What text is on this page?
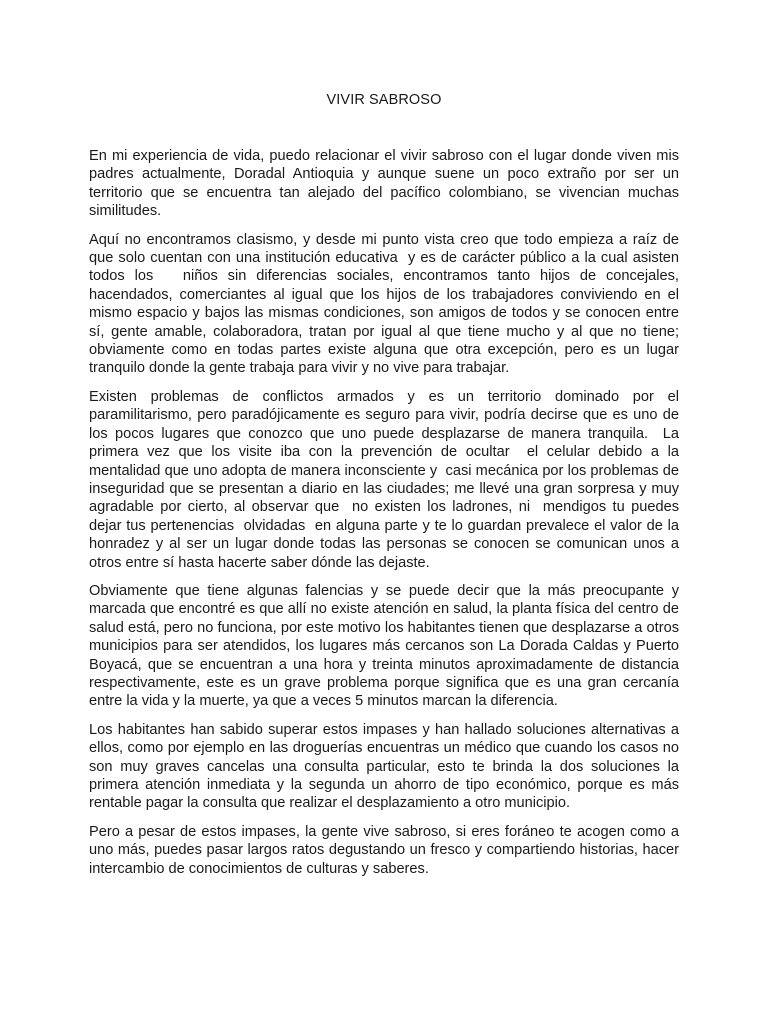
VIVIR SABROSO

En mi experiencia de vida, puedo relacionar el vivir sabroso con el lugar donde viven mis padres actualmente, Doradal Antioquia y aunque suene un poco extraño por ser un territorio que se encuentra tan alejado del pacífico colombiano, se vivencian muchas similitudes.

Aquí no encontramos clasismo, y desde mi punto vista creo que todo empieza a raíz de que solo cuentan con una institución educativa  y es de carácter público a la cual asisten todos los   niños sin diferencias sociales, encontramos tanto hijos de concejales, hacendados, comerciantes al igual que los hijos de los trabajadores conviviendo en el mismo espacio y bajos las mismas condiciones, son amigos de todos y se conocen entre sí, gente amable, colaboradora, tratan por igual al que tiene mucho y al que no tiene; obviamente como en todas partes existe alguna que otra excepción, pero es un lugar tranquilo donde la gente trabaja para vivir y no vive para trabajar.

Existen problemas de conflictos armados y es un territorio dominado por el paramilitarismo, pero paradójicamente es seguro para vivir, podría decirse que es uno de los pocos lugares que conozco que uno puede desplazarse de manera tranquila.  La primera vez que los visite iba con la prevención de ocultar  el celular debido a la mentalidad que uno adopta de manera inconsciente y  casi mecánica por los problemas de inseguridad que se presentan a diario en las ciudades; me llevé una gran sorpresa y muy agradable por cierto, al observar que  no existen los ladrones, ni  mendigos tu puedes dejar tus pertenencias  olvidadas  en alguna parte y te lo guardan prevalece el valor de la honradez y al ser un lugar donde todas las personas se conocen se comunican unos a otros entre sí hasta hacerte saber dónde las dejaste.

Obviamente que tiene algunas falencias y se puede decir que la más preocupante y marcada que encontré es que allí no existe atención en salud, la planta física del centro de salud está, pero no funciona, por este motivo los habitantes tienen que desplazarse a otros municipios para ser atendidos, los lugares más cercanos son La Dorada Caldas y Puerto Boyacá, que se encuentran a una hora y treinta minutos aproximadamente de distancia respectivamente, este es un grave problema porque significa que es una gran cercanía entre la vida y la muerte, ya que a veces 5 minutos marcan la diferencia.

Los habitantes han sabido superar estos impases y han hallado soluciones alternativas a ellos, como por ejemplo en las droguerías encuentras un médico que cuando los casos no son muy graves cancelas una consulta particular, esto te brinda la dos soluciones la primera atención inmediata y la segunda un ahorro de tipo económico, porque es más rentable pagar la consulta que realizar el desplazamiento a otro municipio.

Pero a pesar de estos impases, la gente vive sabroso, si eres foráneo te acogen como a uno más, puedes pasar largos ratos degustando un fresco y compartiendo historias, hacer intercambio de conocimientos de culturas y saberes.
